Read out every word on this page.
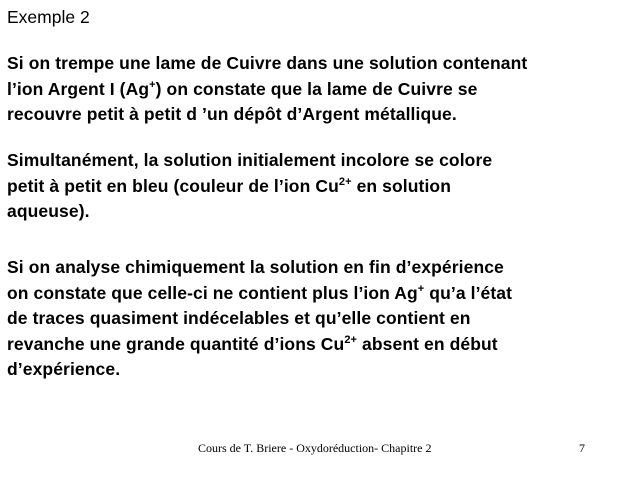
Exemple 2
Si on trempe une lame de Cuivre dans une solution contenant
l’ion Argent I (Ag+) on constate que la lame de Cuivre se
recouvre petit à petit d ’un dépôt d’Argent métallique.
Simultanément, la solution initialement incolore se colore
petit à petit en bleu (couleur de l’ion $Cu^{2+}$ en solution
aqueuse).
Si on analyse chimiquement la solution en fin d’expérience
on constate que celle-ci ne contient plus l’ion Ag+ qu’a l’état
de traces quasiment indécelables et qu’elle contient en
revanche une grande quantité d’ions $Cu^{2+}$ absent en début
d’expérience.
Cours de T. Briere - Oxydoréduction- Chapitre 2	7
